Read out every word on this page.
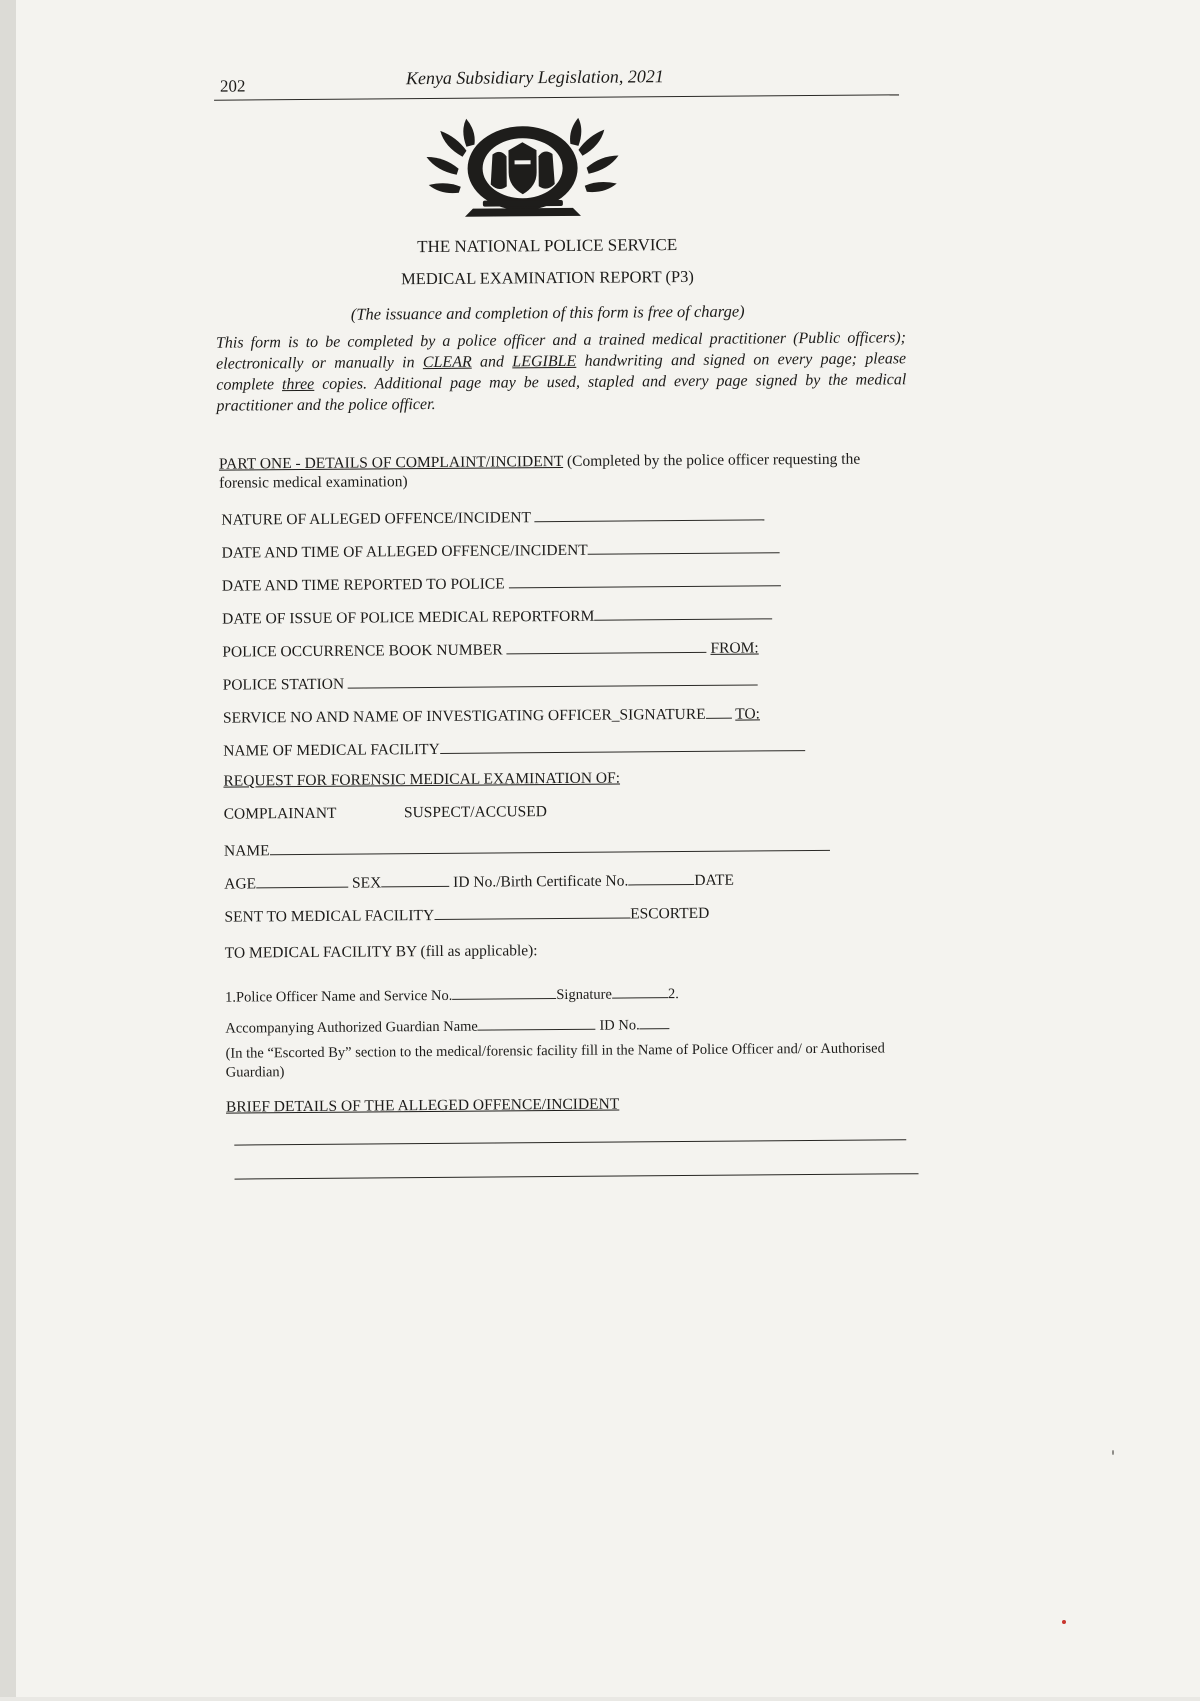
202	Kenya Subsidiary Legislation, 2021
THE NATIONAL POLICE SERVICE
MEDICAL EXAMINATION REPORT (P3)
(The issuance and completion of this form is free of charge)
This form is to be completed by a police officer and a trained medical practitioner (Public officers); electronically or manually in CLEAR and LEGIBLE handwriting and signed on every page; please complete three copies. Additional page may be used, stapled and every page signed by the medical practitioner and the police officer.
PART ONE - DETAILS OF COMPLAINT/INCIDENT (Completed by the police officer requesting the forensic medical examination)
NATURE OF ALLEGED OFFENCE/INCIDENT
DATE AND TIME OF ALLEGED OFFENCE/INCIDENT
DATE AND TIME REPORTED TO POLICE
DATE OF ISSUE OF POLICE MEDICAL REPORTFORM
POLICE OCCURRENCE BOOK NUMBER	FROM:
POLICE STATION
SERVICE NO AND NAME OF INVESTIGATING OFFICER_SIGNATURE TO:
NAME OF MEDICAL FACILITY
REQUEST FOR FORENSIC MEDICAL EXAMINATION OF:
COMPLAINANT	SUSPECT/ACCUSED
NAME
AGE	SEX	ID No./Birth Certificate No.	DATE
SENT TO MEDICAL FACILITY	ESCORTED
TO MEDICAL FACILITY BY (fill as applicable):
1.Police Officer Name and Service No.	Signature	2.
Accompanying Authorized Guardian Name	ID No.
(In the “Escorted By” section to the medical/forensic facility fill in the Name of Police Officer and/ or Authorised Guardian)
BRIEF DETAILS OF THE ALLEGED OFFENCE/INCIDENT
